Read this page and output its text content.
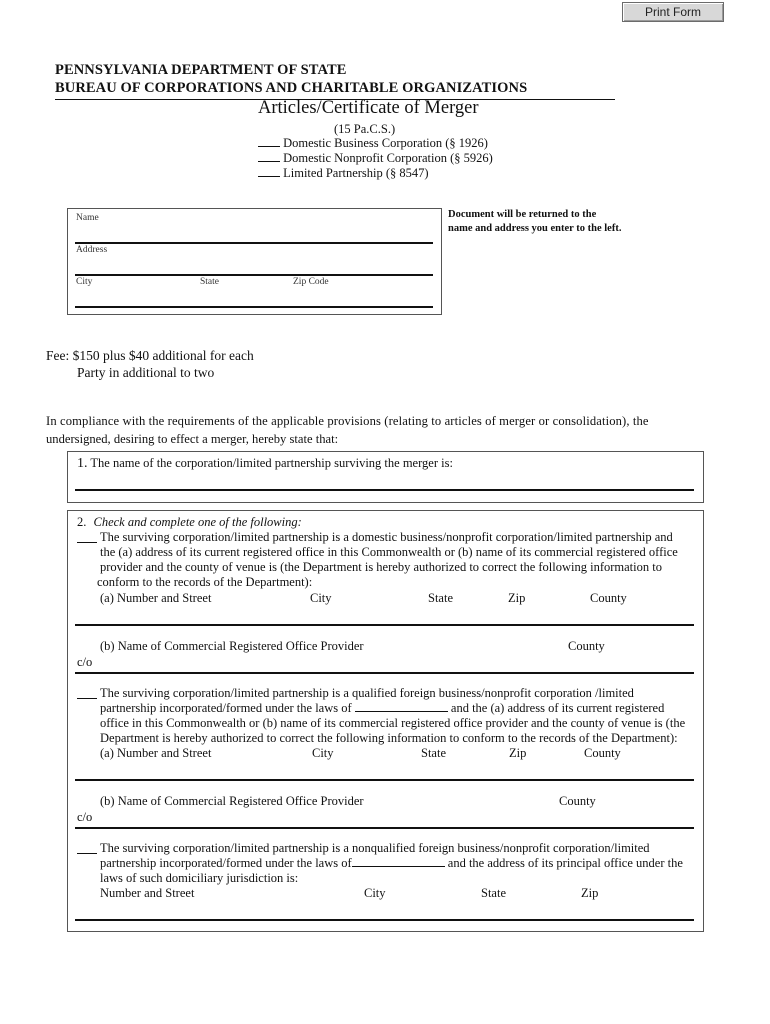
Print Form
PENNSYLVANIA DEPARTMENT OF STATE
BUREAU OF CORPORATIONS AND CHARITABLE ORGANIZATIONS
Articles/Certificate of Merger
(15 Pa.C.S.)
Domestic Business Corporation (§ 1926)
Domestic Nonprofit Corporation (§ 5926)
Limited Partnership (§ 8547)
Name
Address
City	State	Zip Code
Document will be returned to the name and address you enter to the left.
Fee: $150 plus $40 additional for each
Party in additional to two
In compliance with the requirements of the applicable provisions (relating to articles of merger or consolidation), the
undersigned, desiring to effect a merger, hereby state that:
1. The name of the corporation/limited partnership surviving the merger is:
2. Check and complete one of the following:
The surviving corporation/limited partnership is a domestic business/nonprofit corporation/limited partnership and
the (a) address of its current registered office in this Commonwealth or (b) name of its commercial registered office
provider and the county of venue is (the Department is hereby authorized to correct the following information to
conform to the records of the Department):
(a) Number and Street	City	State	Zip	County
(b) Name of Commercial Registered Office Provider	County
c/o
The surviving corporation/limited partnership is a qualified foreign business/nonprofit corporation /limited
partnership incorporated/formed under the laws of	and the (a) address of its current registered
office in this Commonwealth or (b) name of its commercial registered office provider and the county of venue is (the
Department is hereby authorized to correct the following information to conform to the records of the Department):
(a) Number and Street	City	State	Zip	County
(b) Name of Commercial Registered Office Provider	County
c/o
The surviving corporation/limited partnership is a nonqualified foreign business/nonprofit corporation/limited
partnership incorporated/formed under the laws of	and the address of its principal office under the
laws of such domiciliary jurisdiction is:
Number and Street	City	State	Zip
